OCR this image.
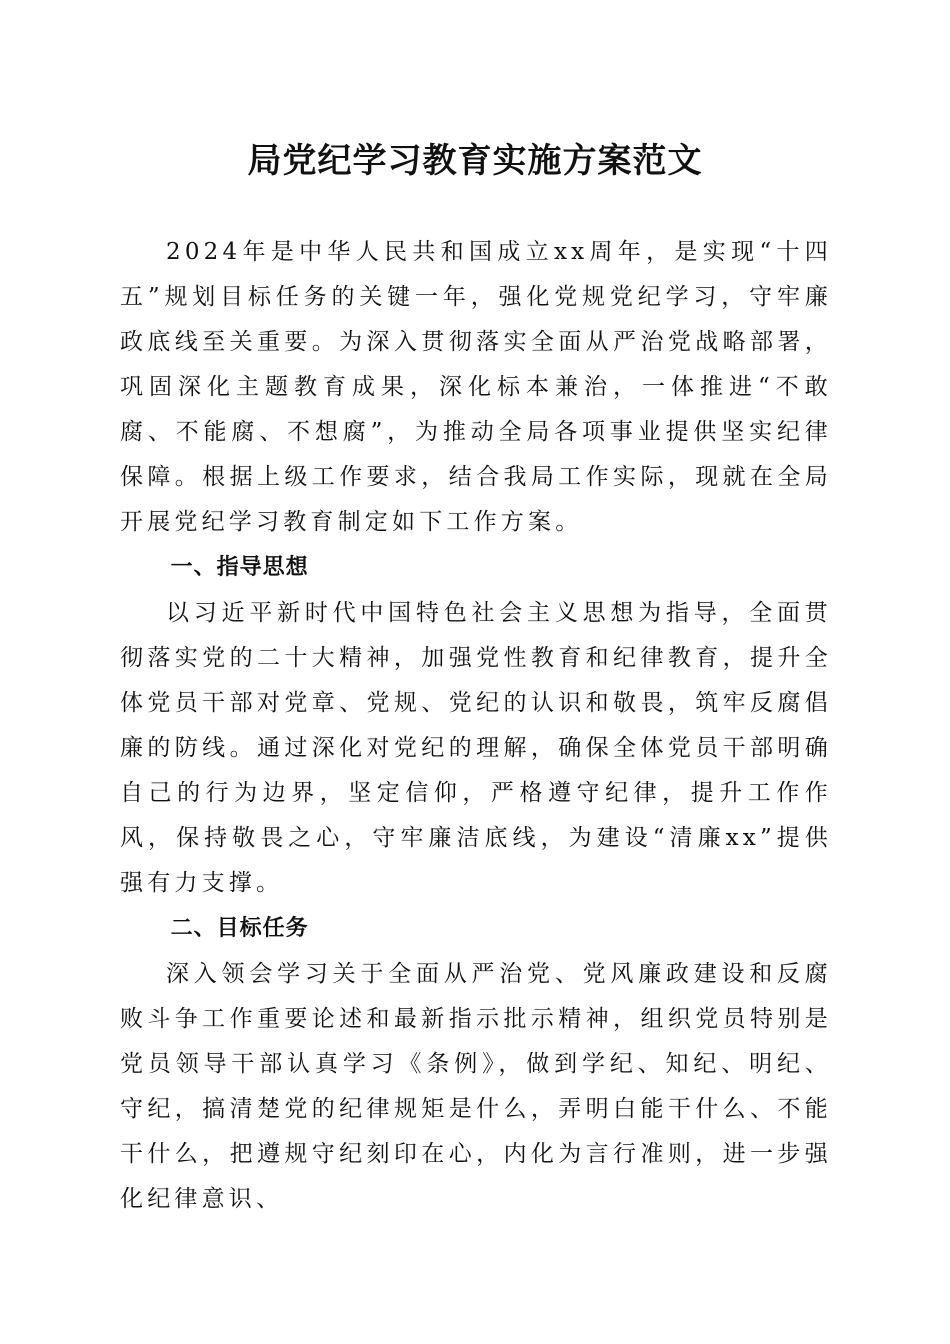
局党纪学习教育实施方案范文

2024年是中华人民共和国成立xx周年，是实现“十四五”规划目标任务的关键一年，强化党规党纪学习，守牢廉政底线至关重要。为深入贯彻落实全面从严治党战略部署，巩固深化主题教育成果，深化标本兼治，一体推进“不敢腐、不能腐、不想腐”，为推动全局各项事业提供坚实纪律保障。根据上级工作要求，结合我局工作实际，现就在全局开展党纪学习教育制定如下工作方案。

一、指导思想

以习近平新时代中国特色社会主义思想为指导，全面贯彻落实党的二十大精神，加强党性教育和纪律教育，提升全体党员干部对党章、党规、党纪的认识和敬畏，筑牢反腐倡廉的防线。通过深化对党纪的理解，确保全体党员干部明确自己的行为边界，坚定信仰，严格遵守纪律，提升工作作风，保持敬畏之心，守牢廉洁底线，为建设“清廉xx”提供强有力支撑。

二、目标任务

深入领会学习关于全面从严治党、党风廉政建设和反腐败斗争工作重要论述和最新指示批示精神，组织党员特别是党员领导干部认真学习《条例》，做到学纪、知纪、明纪、守纪，搞清楚党的纪律规矩是什么，弄明白能干什么、不能干什么，把遵规守纪刻印在心，内化为言行准则，进一步强化纪律意识、
